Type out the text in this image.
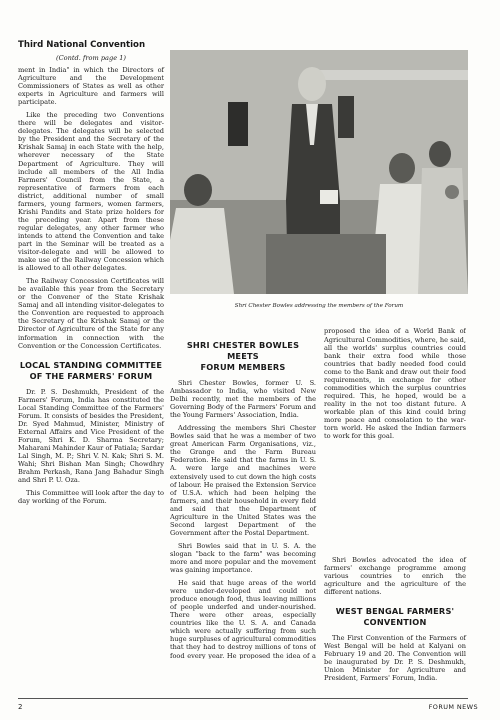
Third National Convention
(Contd. from page 1)

ment in India" in which the Directors of Agriculture and the Development Commissioners of States as well as other experts in Agriculture and farmers will participate.

Like the preceding two Conventions there will be delegates and visitor-delegates. The delegates will be selected by the President and the Secretary of the Krishak Samaj in each State with the help, wherever necessary of the State Department of Agriculture. They will include all members of the All India Farmers' Council from the State, a representative of farmers from each district, additional number of small farmers, young farmers, women farmers, Krishi Pandits and State prize holders for the preceding year. Apart from these regular delegates, any other farmer who intends to attend the Convention and take part in the Seminar will be treated as a visitor-delegate and will be allowed to make use of the Railway Concession which is allowed to all other delegates.

The Railway Concession Certificates will be available this year from the Secretary or the Convener of the State Krishak Samaj and all intending visitor-delegates to the Convention are requested to approach the Secretary of the Krishak Samaj or the Director of Agriculture of the State for any information in connection with the Convention or the Concession Certificates.

LOCAL STANDING COMMITTEE
OF THE FARMERS' FORUM

Dr. P. S. Deshmukh, President of the Farmers' Forum, India has constituted the Local Standing Committee of the Farmers' Forum. It consists of besides the President, Dr. Syed Mahmud, Minister, Ministry of External Affairs and Vice President of the Forum, Shri K. D. Sharma Secretary; Maharani Mahinder Kaur of Patiala; Sardar Lal Singh, M. P.; Shri V. N. Kak; Shri S. M. Wahi; Shri Bishan Man Singh; Chowdhry Brahm Perkash, Rana Jang Bahadur Singh and Shri P. U. Oza.

This Committee will look after the day to day working of the Forum.

Shri Chester Bowles addressing the members of the Forum
SHRI CHESTER BOWLES MEETS
FORUM MEMBERS

Shri Chester Bowles, former U. S. Ambassador to India, who visited New Delhi recently, met the members of the Governing Body of the Farmers' Forum and the Young Farmers' Association, India.

Addressing the members Shri Chester Bowles said that he was a member of two great American Farm Organisations, viz., the Grange and the Farm Bureau Federation. He said that the farms in U. S. A. were large and machines were extensively used to cut down the high costs of labour. He praised the Extension Service of U.S.A. which had been helping the farmers, and their household in every field and said that the Department of Agriculture in the United States was the Second largest Department of the Government after the Postal Department.

Shri Bowles said that in U. S. A. the slogan "back to the farm" was becoming more and more popular and the movement was gaining importance.

He said that huge areas of the world were under-developed and could not produce enough food, thus leaving millions of people underfed and under-nourished. There were other areas, especially countries like the U. S. A. and Canada which were actually suffering from such huge surpluses of agricultural commodities that they had to destroy millions of tons of food every year. He proposed the idea of a

proposed the idea of a World Bank of Agricultural Commodities, where, he said, all the worlds' surplus countries could bank their extra food while those countries that badly needed food could come to the Bank and draw out their food requirements, in exchange for other commodities which the surplus countries required. This, he hoped, would be a reality in the not too distant future. A workable plan of this kind could bring more peace and consolation to the war-torn world. He asked the Indian farmers to work for this goal.

Shri Bowles advocated the idea of farmers' exchange programme among various countries to enrich the agriculture and the agriculture of the different nations.

WEST BENGAL FARMERS'
CONVENTION

The First Convention of the Farmers of West Bengal will be held at Kalyani on February 19 and 20. The Convention will be inaugurated by Dr. P. S. Deshmukh, Union Minister for Agriculture and President, Farmers' Forum, India.

2	FORUM NEWS
